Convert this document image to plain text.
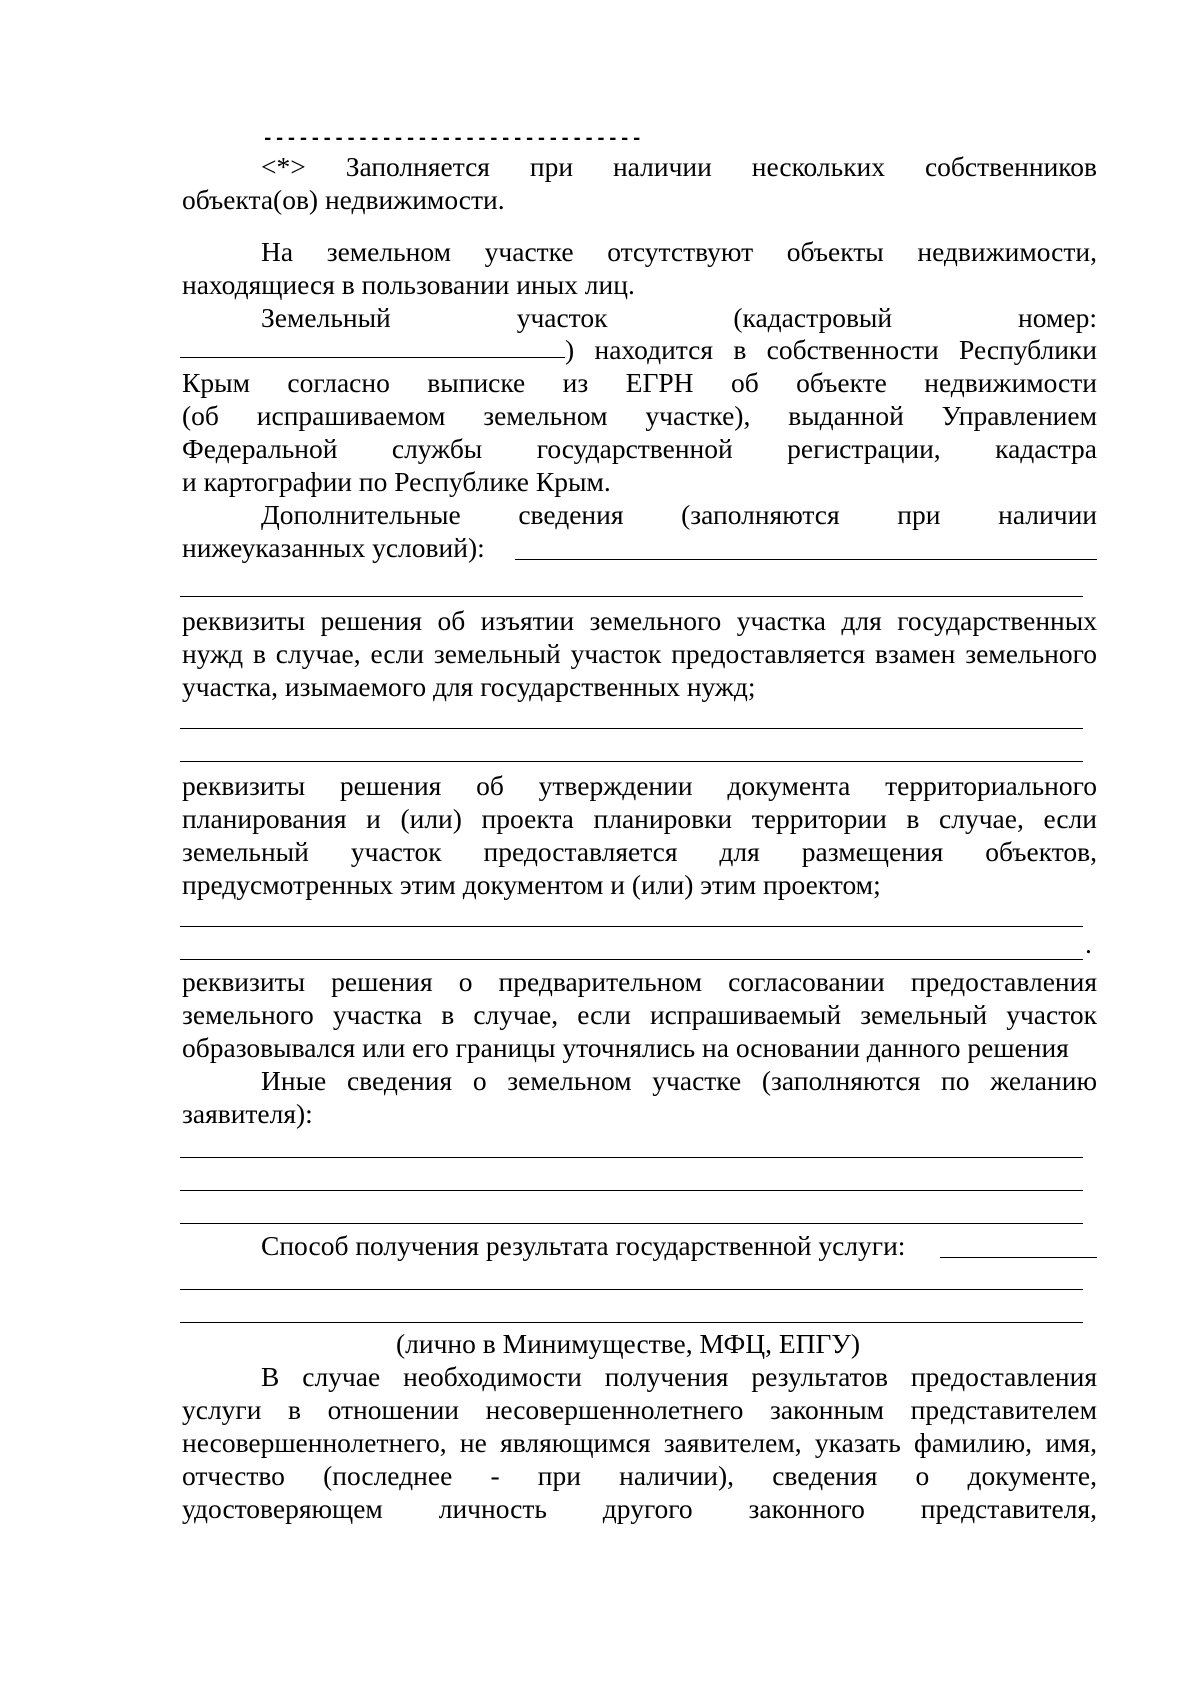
--------------------------------
<*> Заполняется при наличии нескольких собственников
объекта(ов) недвижимости.
На земельном участке отсутствуют объекты недвижимости,
находящиеся в пользовании иных лиц.
Земельный участок (кадастровый номер:
) находится в собственности Республики
Крым согласно выписке из ЕГРН об объекте недвижимости
(об испрашиваемом земельном участке), выданной Управлением
Федеральной службы государственной регистрации, кадастра
и картографии по Республике Крым.
Дополнительные сведения (заполняются при наличии
нижеуказанных условий):
реквизиты решения об изъятии земельного участка для государственных
нужд в случае, если земельный участок предоставляется взамен земельного
участка, изымаемого для государственных нужд;
реквизиты решения об утверждении документа территориального
планирования и (или) проекта планировки территории в случае, если
земельный участок предоставляется для размещения объектов,
предусмотренных этим документом и (или) этим проектом;
.
реквизиты решения о предварительном согласовании предоставления
земельного участка в случае, если испрашиваемый земельный участок
образовывался или его границы уточнялись на основании данного решения
Иные сведения о земельном участке (заполняются по желанию
заявителя):
Способ получения результата государственной услуги:
(лично в Минимуществе, МФЦ, ЕПГУ)
В случае необходимости получения результатов предоставления
услуги в отношении несовершеннолетнего законным представителем
несовершеннолетнего, не являющимся заявителем, указать фамилию, имя,
отчество (последнее - при наличии), сведения о документе,
удостоверяющем личность другого законного представителя,
